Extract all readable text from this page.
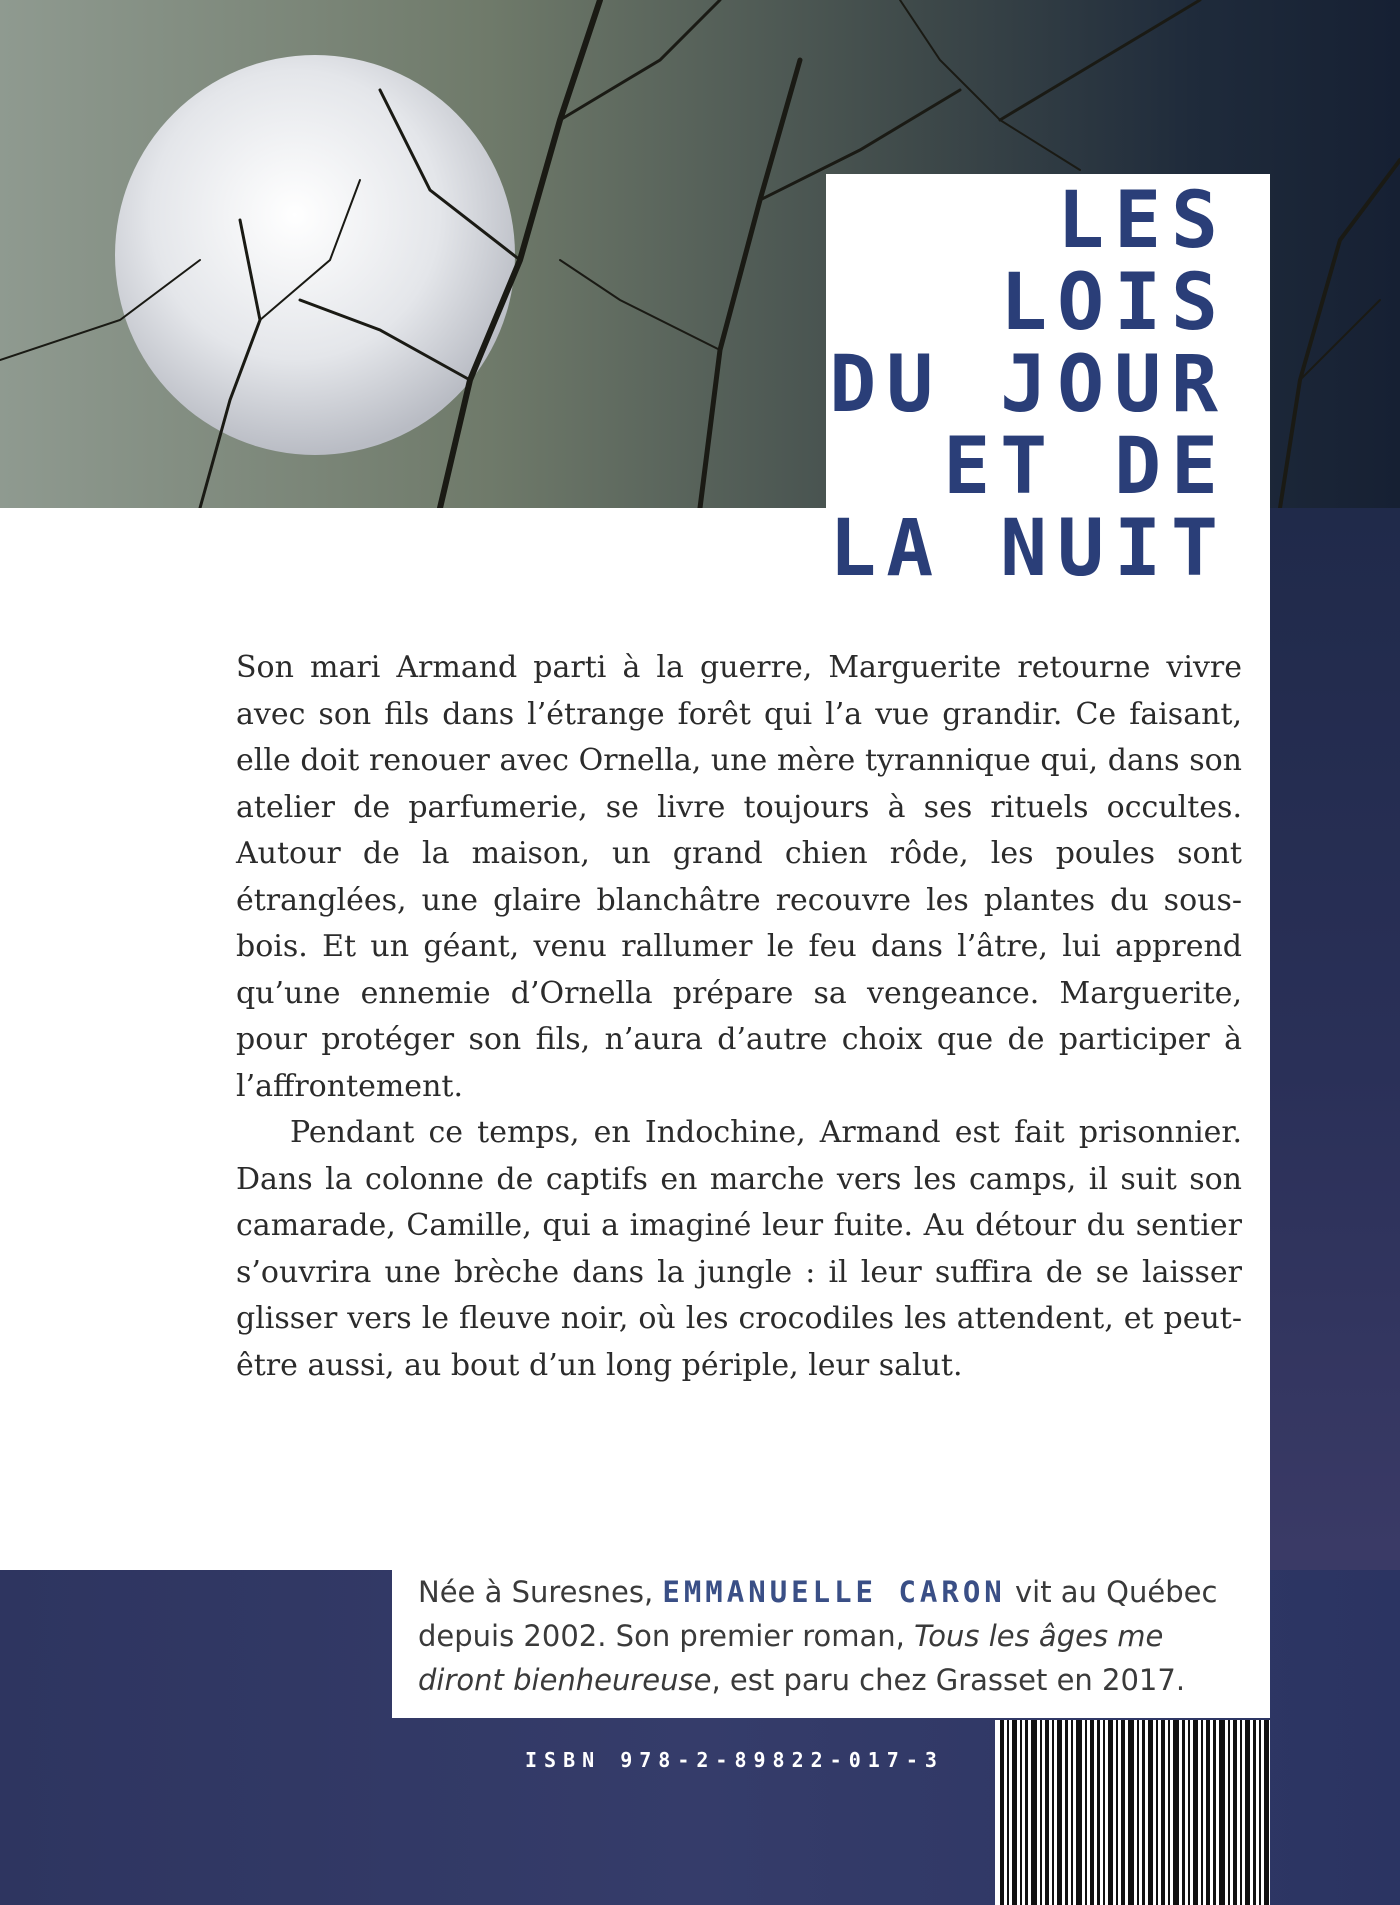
LES LOIS
DU JOUR
ET DE
LA NUIT

Son mari Armand parti à la guerre, Marguerite retourne vivre avec son fils dans l’étrange forêt qui l’a vue grandir. Ce faisant, elle doit renouer avec Ornella, une mère tyrannique qui, dans son atelier de parfumerie, se livre toujours à ses rituels occultes. Autour de la maison, un grand chien rôde, les poules sont étranglées, une glaire blanchâtre recouvre les plantes du sous-bois. Et un géant, venu rallumer le feu dans l’âtre, lui apprend qu’une ennemie d’Ornella prépare sa vengeance. Marguerite, pour protéger son fils, n’aura d’autre choix que de participer à l’affrontement.

Pendant ce temps, en Indochine, Armand est fait prisonnier. Dans la colonne de captifs en marche vers les camps, il suit son camarade, Camille, qui a imaginé leur fuite. Au détour du sentier s’ouvrira une brèche dans la jungle : il leur suffira de se laisser glisser vers le fleuve noir, où les crocodiles les attendent, et peut-être aussi, au bout d’un long périple, leur salut.

Née à Suresnes, EMMANUELLE CARON vit au Québec depuis 2002. Son premier roman, Tous les âges me diront bienheureuse, est paru chez Grasset en 2017.

ISBN 978-2-89822-017-3
